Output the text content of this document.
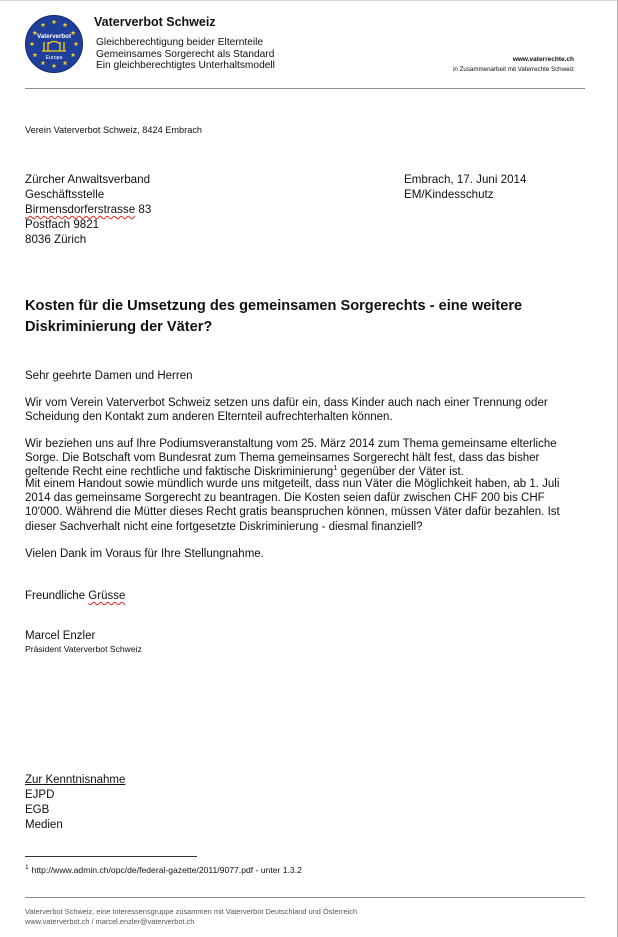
Vaterverbot
Europa
Vaterverbot Schweiz
Gleichberechtigung beider Elternteile
Gemeinsames Sorgerecht als Standard
Ein gleichberechtigtes Unterhaltsmodell
www.vaterrechte.ch
in Zusammenarbeit mit Vaterrechte Schweiz
Verein Vaterverbot Schweiz, 8424 Embrach
Zürcher Anwaltsverband
Geschäftsstelle
Birmensdorferstrasse 83
Postfach 9821
8036 Zürich
Embrach, 17. Juni 2014
EM/Kindesschutz
Kosten für die Umsetzung des gemeinsamen Sorgerechts - eine weitere Diskriminierung der Väter?
Sehr geehrte Damen und Herren
Wir vom Verein Vaterverbot Schweiz setzen uns dafür ein, dass Kinder auch nach einer Trennung oder Scheidung den Kontakt zum anderen Elternteil aufrechterhalten können.
Wir beziehen uns auf Ihre Podiumsveranstaltung vom 25. März 2014 zum Thema gemeinsame elterliche Sorge. Die Botschaft vom Bundesrat zum Thema gemeinsames Sorgerecht hält fest, dass das bisher geltende Recht eine rechtliche und faktische Diskriminierung$^1$ gegenüber der Väter ist.
Mit einem Handout sowie mündlich wurde uns mitgeteilt, dass nun Väter die Möglichkeit haben, ab 1. Juli 2014 das gemeinsame Sorgerecht zu beantragen. Die Kosten seien dafür zwischen CHF 200 bis CHF 10'000. Während die Mütter dieses Recht gratis beanspruchen können, müssen Väter dafür bezahlen. Ist dieser Sachverhalt nicht eine fortgesetzte Diskriminierung - diesmal finanziell?
Vielen Dank im Voraus für Ihre Stellungnahme.
Freundliche Grüsse
Marcel Enzler
Präsident Vaterverbot Schweiz
Zur Kenntnisnahme
EJPD
EGB
Medien
$^1$ http://www.admin.ch/opc/de/federal-gazette/2011/9077.pdf - unter 1.3.2
Vaterverbot Schweiz, eine Interessensgruppe zusammen mit Vaterverbot Deutschland und Österreich
www.vaterverbot.ch / marcel.enzler@vaterverbot.ch
